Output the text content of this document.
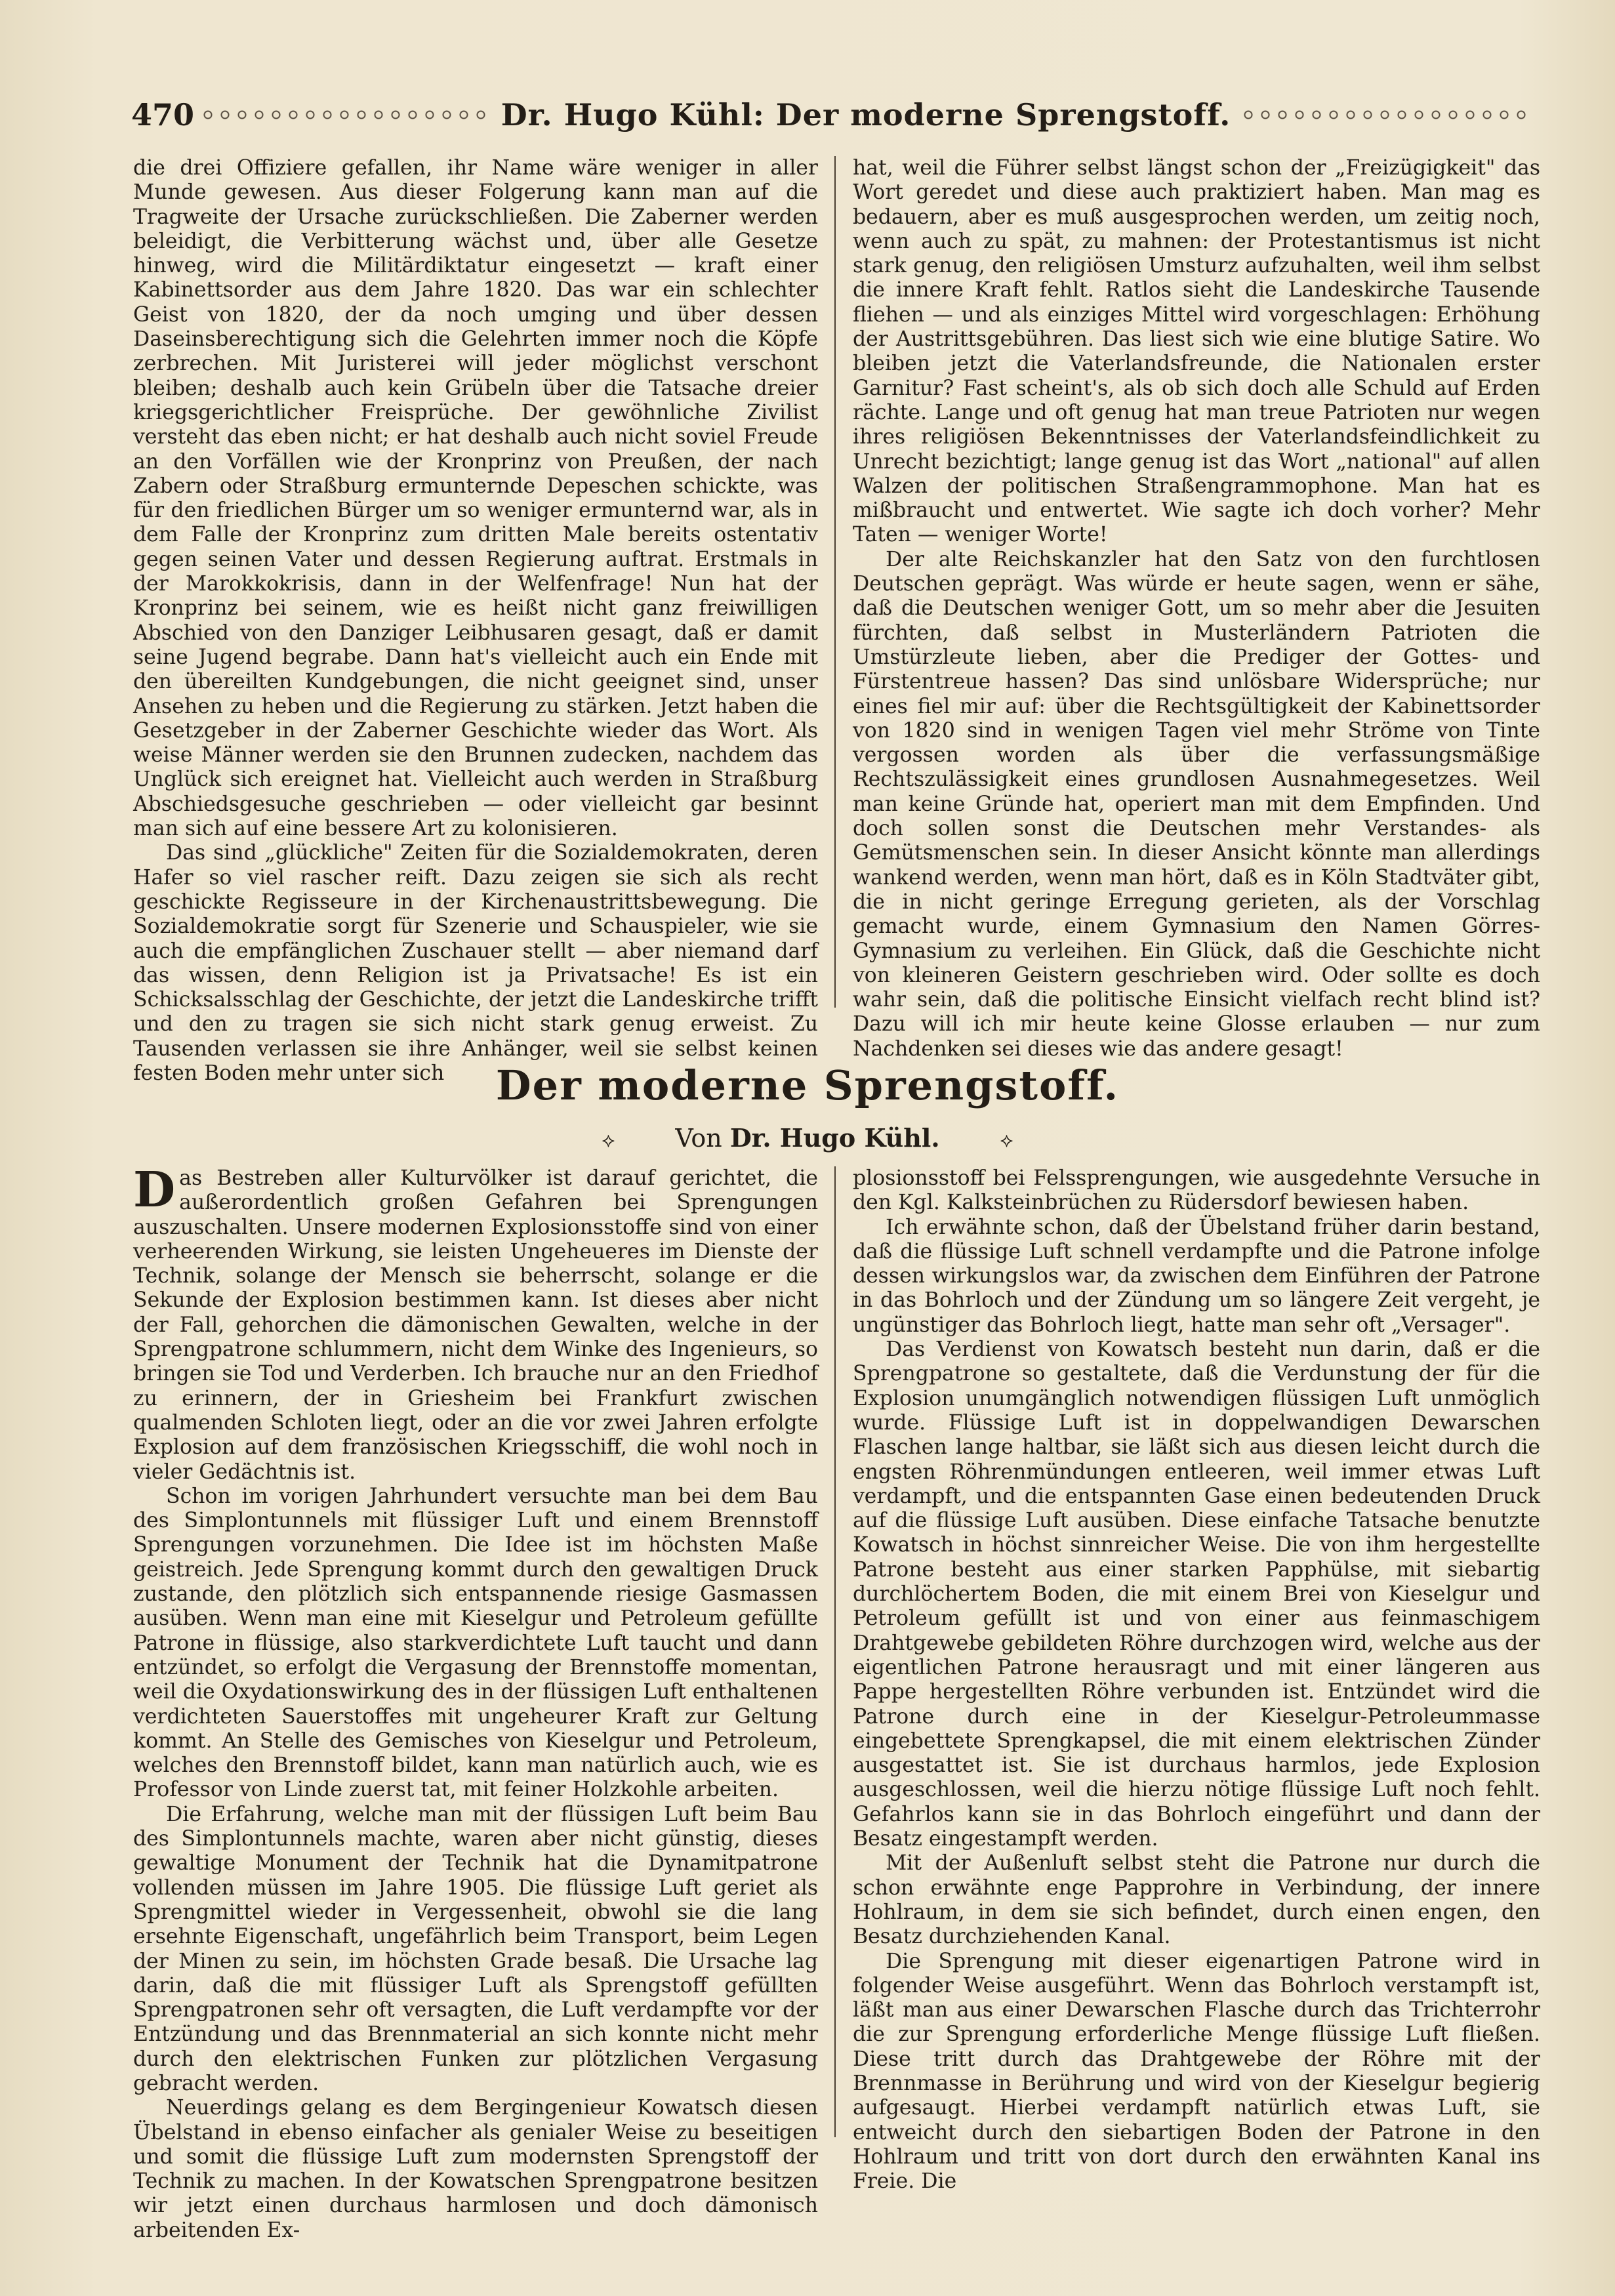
470	Dr. Hugo Kühl: Der moderne Sprengstoff.

die drei Offiziere gefallen, ihr Name wäre weniger in aller Munde gewesen. Aus dieser Folgerung kann man auf die Tragweite der Ursache zurückschließen. Die Zaberner werden beleidigt, die Verbitterung wächst und, über alle Gesetze hinweg, wird die Militärdiktatur eingesetzt — kraft einer Kabinettsorder aus dem Jahre 1820. Das war ein schlechter Geist von 1820, der da noch umging und über dessen Daseinsberechtigung sich die Gelehrten immer noch die Köpfe zerbrechen. Mit Juristerei will jeder möglichst verschont bleiben; deshalb auch kein Grübeln über die Tatsache dreier kriegsgerichtlicher Freisprüche. Der gewöhnliche Zivilist versteht das eben nicht; er hat deshalb auch nicht soviel Freude an den Vorfällen wie der Kronprinz von Preußen, der nach Zabern oder Straßburg ermunternde Depeschen schickte, was für den friedlichen Bürger um so weniger ermunternd war, als in dem Falle der Kronprinz zum dritten Male bereits ostentativ gegen seinen Vater und dessen Regierung auftrat. Erstmals in der Marokkokrisis, dann in der Welfenfrage! Nun hat der Kronprinz bei seinem, wie es heißt nicht ganz freiwilligen Abschied von den Danziger Leibhusaren gesagt, daß er damit seine Jugend begrabe. Dann hat's vielleicht auch ein Ende mit den übereilten Kundgebungen, die nicht geeignet sind, unser Ansehen zu heben und die Regierung zu stärken. Jetzt haben die Gesetzgeber in der Zaberner Geschichte wieder das Wort. Als weise Männer werden sie den Brunnen zudecken, nachdem das Unglück sich ereignet hat. Vielleicht auch werden in Straßburg Abschiedsgesuche geschrieben — oder vielleicht gar besinnt man sich auf eine bessere Art zu kolonisieren.

Das sind „glückliche" Zeiten für die Sozialdemokraten, deren Hafer so viel rascher reift. Dazu zeigen sie sich als recht geschickte Regisseure in der Kirchenaustrittsbewegung. Die Sozialdemokratie sorgt für Szenerie und Schauspieler, wie sie auch die empfänglichen Zuschauer stellt — aber niemand darf das wissen, denn Religion ist ja Privatsache! Es ist ein Schicksalsschlag der Geschichte, der jetzt die Landeskirche trifft und den zu tragen sie sich nicht stark genug erweist. Zu Tausenden verlassen sie ihre Anhänger, weil sie selbst keinen festen Boden mehr unter sich

hat, weil die Führer selbst längst schon der „Freizügigkeit" das Wort geredet und diese auch praktiziert haben. Man mag es bedauern, aber es muß ausgesprochen werden, um zeitig noch, wenn auch zu spät, zu mahnen: der Protestantismus ist nicht stark genug, den religiösen Umsturz aufzuhalten, weil ihm selbst die innere Kraft fehlt. Ratlos sieht die Landeskirche Tausende fliehen — und als einziges Mittel wird vorgeschlagen: Erhöhung der Austrittsgebühren. Das liest sich wie eine blutige Satire. Wo bleiben jetzt die Vaterlandsfreunde, die Nationalen erster Garnitur? Fast scheint's, als ob sich doch alle Schuld auf Erden rächte. Lange und oft genug hat man treue Patrioten nur wegen ihres religiösen Bekenntnisses der Vaterlandsfeindlichkeit zu Unrecht bezichtigt; lange genug ist das Wort „national" auf allen Walzen der politischen Straßengrammophone. Man hat es mißbraucht und entwertet. Wie sagte ich doch vorher? Mehr Taten — weniger Worte!

Der alte Reichskanzler hat den Satz von den furchtlosen Deutschen geprägt. Was würde er heute sagen, wenn er sähe, daß die Deutschen weniger Gott, um so mehr aber die Jesuiten fürchten, daß selbst in Musterländern Patrioten die Umstürzleute lieben, aber die Prediger der Gottes- und Fürstentreue hassen? Das sind unlösbare Widersprüche; nur eines fiel mir auf: über die Rechtsgültigkeit der Kabinettsorder von 1820 sind in wenigen Tagen viel mehr Ströme von Tinte vergossen worden als über die verfassungsmäßige Rechtszulässigkeit eines grundlosen Ausnahmegesetzes. Weil man keine Gründe hat, operiert man mit dem Empfinden. Und doch sollen sonst die Deutschen mehr Verstandes- als Gemütsmenschen sein. In dieser Ansicht könnte man allerdings wankend werden, wenn man hört, daß es in Köln Stadtväter gibt, die in nicht geringe Erregung gerieten, als der Vorschlag gemacht wurde, einem Gymnasium den Namen Görres-Gymnasium zu verleihen. Ein Glück, daß die Geschichte nicht von kleineren Geistern geschrieben wird. Oder sollte es doch wahr sein, daß die politische Einsicht vielfach recht blind ist? Dazu will ich mir heute keine Glosse erlauben — nur zum Nachdenken sei dieses wie das andere gesagt!

Der moderne Sprengstoff.
⟡ Von Dr. Hugo Kühl.	⟡

Das Bestreben aller Kulturvölker ist darauf gerichtet, die außerordentlich großen Gefahren bei Sprengungen auszuschalten. Unsere modernen Explosionsstoffe sind von einer verheerenden Wirkung, sie leisten Ungeheueres im Dienste der Technik, solange der Mensch sie beherrscht, solange er die Sekunde der Explosion bestimmen kann. Ist dieses aber nicht der Fall, gehorchen die dämonischen Gewalten, welche in der Sprengpatrone schlummern, nicht dem Winke des Ingenieurs, so bringen sie Tod und Verderben. Ich brauche nur an den Friedhof zu erinnern, der in Griesheim bei Frankfurt zwischen qualmenden Schloten liegt, oder an die vor zwei Jahren erfolgte Explosion auf dem französischen Kriegsschiff, die wohl noch in vieler Gedächtnis ist.

Schon im vorigen Jahrhundert versuchte man bei dem Bau des Simplontunnels mit flüssiger Luft und einem Brennstoff Sprengungen vorzunehmen. Die Idee ist im höchsten Maße geistreich. Jede Sprengung kommt durch den gewaltigen Druck zustande, den plötzlich sich entspannende riesige Gasmassen ausüben. Wenn man eine mit Kieselgur und Petroleum gefüllte Patrone in flüssige, also starkverdichtete Luft taucht und dann entzündet, so erfolgt die Vergasung der Brennstoffe momentan, weil die Oxydationswirkung des in der flüssigen Luft enthaltenen verdichteten Sauerstoffes mit ungeheurer Kraft zur Geltung kommt. An Stelle des Gemisches von Kieselgur und Petroleum, welches den Brennstoff bildet, kann man natürlich auch, wie es Professor von Linde zuerst tat, mit feiner Holzkohle arbeiten.

Die Erfahrung, welche man mit der flüssigen Luft beim Bau des Simplontunnels machte, waren aber nicht günstig, dieses gewaltige Monument der Technik hat die Dynamitpatrone vollenden müssen im Jahre 1905. Die flüssige Luft geriet als Sprengmittel wieder in Vergessenheit, obwohl sie die lang ersehnte Eigenschaft, ungefährlich beim Transport, beim Legen der Minen zu sein, im höchsten Grade besaß. Die Ursache lag darin, daß die mit flüssiger Luft als Sprengstoff gefüllten Sprengpatronen sehr oft versagten, die Luft verdampfte vor der Entzündung und das Brennmaterial an sich konnte nicht mehr durch den elektrischen Funken zur plötzlichen Vergasung gebracht werden.

Neuerdings gelang es dem Bergingenieur Kowatsch diesen Übelstand in ebenso einfacher als genialer Weise zu beseitigen und somit die flüssige Luft zum modernsten Sprengstoff der Technik zu machen. In der Kowatschen Sprengpatrone besitzen wir jetzt einen durchaus harmlosen und doch dämonisch arbeitenden Ex-

plosionsstoff bei Felssprengungen, wie ausgedehnte Versuche in den Kgl. Kalksteinbrüchen zu Rüdersdorf bewiesen haben.

Ich erwähnte schon, daß der Übelstand früher darin bestand, daß die flüssige Luft schnell verdampfte und die Patrone infolge dessen wirkungslos war, da zwischen dem Einführen der Patrone in das Bohrloch und der Zündung um so längere Zeit vergeht, je ungünstiger das Bohrloch liegt, hatte man sehr oft „Versager".

Das Verdienst von Kowatsch besteht nun darin, daß er die Sprengpatrone so gestaltete, daß die Verdunstung der für die Explosion unumgänglich notwendigen flüssigen Luft unmöglich wurde. Flüssige Luft ist in doppelwandigen Dewarschen Flaschen lange haltbar, sie läßt sich aus diesen leicht durch die engsten Röhrenmündungen entleeren, weil immer etwas Luft verdampft, und die entspannten Gase einen bedeutenden Druck auf die flüssige Luft ausüben. Diese einfache Tatsache benutzte Kowatsch in höchst sinnreicher Weise. Die von ihm hergestellte Patrone besteht aus einer starken Papphülse, mit siebartig durchlöchertem Boden, die mit einem Brei von Kieselgur und Petroleum gefüllt ist und von einer aus feinmaschigem Drahtgewebe gebildeten Röhre durchzogen wird, welche aus der eigentlichen Patrone herausragt und mit einer längeren aus Pappe hergestellten Röhre verbunden ist. Entzündet wird die Patrone durch eine in der Kieselgur-Petroleummasse eingebettete Sprengkapsel, die mit einem elektrischen Zünder ausgestattet ist. Sie ist durchaus harmlos, jede Explosion ausgeschlossen, weil die hierzu nötige flüssige Luft noch fehlt. Gefahrlos kann sie in das Bohrloch eingeführt und dann der Besatz eingestampft werden.

Mit der Außenluft selbst steht die Patrone nur durch die schon erwähnte enge Papprohre in Verbindung, der innere Hohlraum, in dem sie sich befindet, durch einen engen, den Besatz durchziehenden Kanal.

Die Sprengung mit dieser eigenartigen Patrone wird in folgender Weise ausgeführt. Wenn das Bohrloch verstampft ist, läßt man aus einer Dewarschen Flasche durch das Trichterrohr die zur Sprengung erforderliche Menge flüssige Luft fließen. Diese tritt durch das Drahtgewebe der Röhre mit der Brennmasse in Berührung und wird von der Kieselgur begierig aufgesaugt. Hierbei verdampft natürlich etwas Luft, sie entweicht durch den siebartigen Boden der Patrone in den Hohlraum und tritt von dort durch den erwähnten Kanal ins Freie. Die
